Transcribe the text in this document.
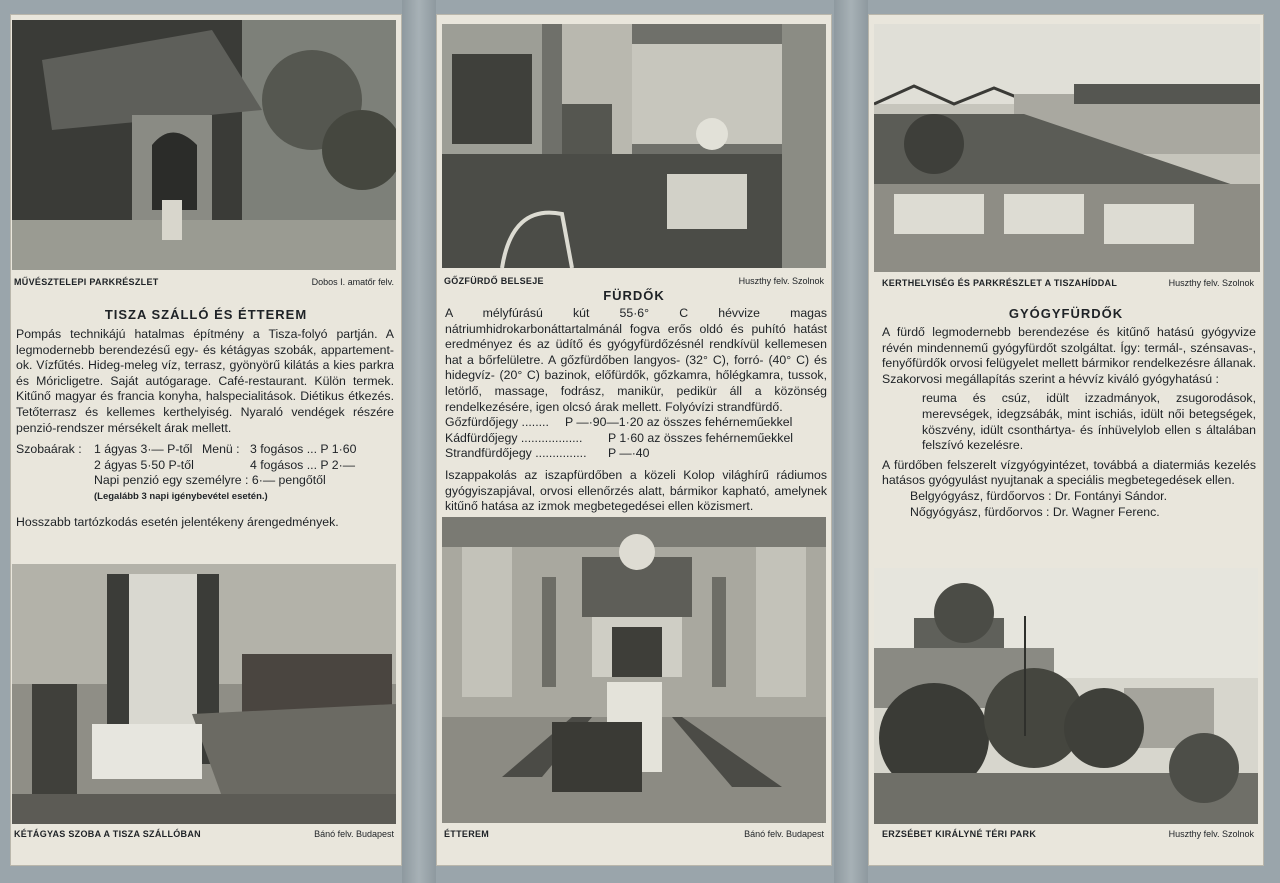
MŰVÉSZTELEPI PARKRÉSZLET	Dobos I. amatőr felv.
TISZA SZÁLLÓ ÉS ÉTTEREM

Pompás technikájú hatalmas építmény a Tisza-folyó partján. A legmodernebb berendezésű egy- és kétágyas szobák, appartement-ok. Vízfűtés. Hideg-meleg víz, terrasz, gyönyörű kilátás a kies parkra és Móricligetre. Saját autógarage. Café-restaurant. Külön termek. Kitűnő magyar és francia konyha, halspecialitások. Diétikus étkezés. Tetőterrasz és kellemes kerthelyiség. Nyaraló vendégek részére penzió-rendszer mérsékelt árak mellett.

Szobaárak :	1 ágyas 3·— P-től Menü : 3 fogásos ... P 1·60
2 ágyas 5·50 P-től	4 fogásos ... P 2·—
Napi penzió egy személyre : 6·— pengőtől
(Legalább 3 napi igénybevétel esetén.)

Hosszabb tartózkodás esetén jelentékeny árengedmények.

KÉTÁGYAS SZOBA A TISZA SZÁLLÓBAN	Bánó felv. Budapest
GŐZFÜRDŐ BELSEJE	Huszthy felv. Szolnok
FÜRDŐK

A mélyfúrású kút 55·6° C hévvize magas nátriumhidrokarbonáttartalmánál fogva erős oldó és puhító hatást eredményez és az üdítő és gyógyfürdőzésnél rendkívül kellemesen hat a bőrfelületre. A gőzfürdőben langyos- (32° C), forró- (40° C) és hidegvíz- (20° C) bazinok, előfürdők, gőzkamra, hőlégkamra, tussok, letörlő, massage, fodrász, manikür, pedikür áll a közönség rendelkezésére, igen olcsó árak mellett. Folyóvízi strandfürdő.

Gőzfürdőjegy ........	P —·90—1·20 az összes fehérneműekkel
Kádfürdőjegy ..................	P 1·60 az összes fehérneműekkel
Strandfürdőjegy ...............	P —·40

Iszappakolás az iszapfürdőben a közeli Kolop világhírű rádiumos gyógyiszapjával, orvosi ellenőrzés alatt, bármikor kapható, amelynek kitűnő hatása az izmok megbetegedései ellen közismert.

ÉTTEREM	Bánó felv. Budapest
KERTHELYISÉG ÉS PARKRÉSZLET A TISZAHÍDDAL	Huszthy felv. Szolnok
GYÓGYFÜRDŐK

A fürdő legmodernebb berendezése és kitűnő hatású gyógyvize révén mindennemű gyógyfürdőt szolgáltat. Így: termál-, szénsavas-, fenyőfürdők orvosi felügyelet mellett bármikor rendelkezésre állanak. Szakorvosi megállapítás szerint a hévvíz kiváló gyógyhatású :

reuma és csúz, idült izzadmányok, zsugorodások, merevségek, idegzsábák, mint ischiás, idült női betegségek, köszvény, idült csonthártya- és ínhüvelylob ellen s általában felszívó kezelésre.

A fürdőben felszerelt vízgyógyintézet, továbbá a diatermiás kezelés hatásos gyógyulást nyujtanak a speciális megbetegedések ellen.

Belgyógyász, fürdőorvos : Dr. Fontányi Sándor.

Nőgyógyász, fürdőorvos : Dr. Wagner Ferenc.

ERZSÉBET KIRÁLYNÉ TÉRI PARK	Huszthy felv. Szolnok
